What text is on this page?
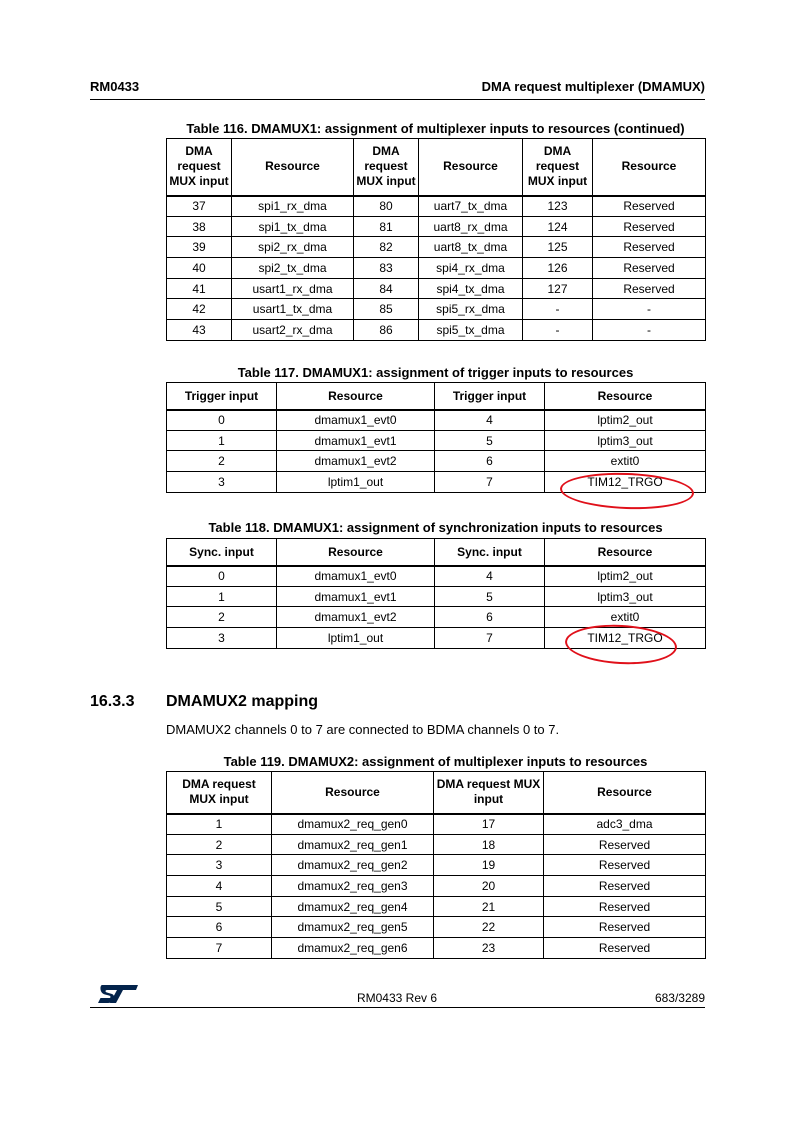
RM0433	DMA request multiplexer (DMAMUX)
Table 116. DMAMUX1: assignment of multiplexer inputs to resources (continued)
DMA request MUX input	Resource	DMA request MUX input	Resource	DMA request MUX input	Resource
37	spi1_rx_dma	80	uart7_tx_dma	123	Reserved
38	spi1_tx_dma	81	uart8_rx_dma	124	Reserved
39	spi2_rx_dma	82	uart8_tx_dma	125	Reserved
40	spi2_tx_dma	83	spi4_rx_dma	126	Reserved
41	usart1_rx_dma	84	spi4_tx_dma	127	Reserved
42	usart1_tx_dma	85	spi5_rx_dma	-	-
43	usart2_rx_dma	86	spi5_tx_dma	-	-
Table 117. DMAMUX1: assignment of trigger inputs to resources
Trigger input	Resource	Trigger input	Resource
0	dmamux1_evt0	4	lptim2_out
1	dmamux1_evt1	5	lptim3_out
2	dmamux1_evt2	6	extit0
3	lptim1_out	7	TIM12_TRGO
Table 118. DMAMUX1: assignment of synchronization inputs to resources
Sync. input	Resource	Sync. input	Resource
0	dmamux1_evt0	4	lptim2_out
1	dmamux1_evt1	5	lptim3_out
2	dmamux1_evt2	6	extit0
3	lptim1_out	7	TIM12_TRGO
16.3.3 DMAMUX2 mapping
DMAMUX2 channels 0 to 7 are connected to BDMA channels 0 to 7.
Table 119. DMAMUX2: assignment of multiplexer inputs to resources
DMA request MUX input	Resource	DMA request MUX input	Resource
1	dmamux2_req_gen0	17	adc3_dma
2	dmamux2_req_gen1	18	Reserved
3	dmamux2_req_gen2	19	Reserved
4	dmamux2_req_gen3	20	Reserved
5	dmamux2_req_gen4	21	Reserved
6	dmamux2_req_gen5	22	Reserved
7	dmamux2_req_gen6	23	Reserved
RM0433 Rev 6	683/3289
